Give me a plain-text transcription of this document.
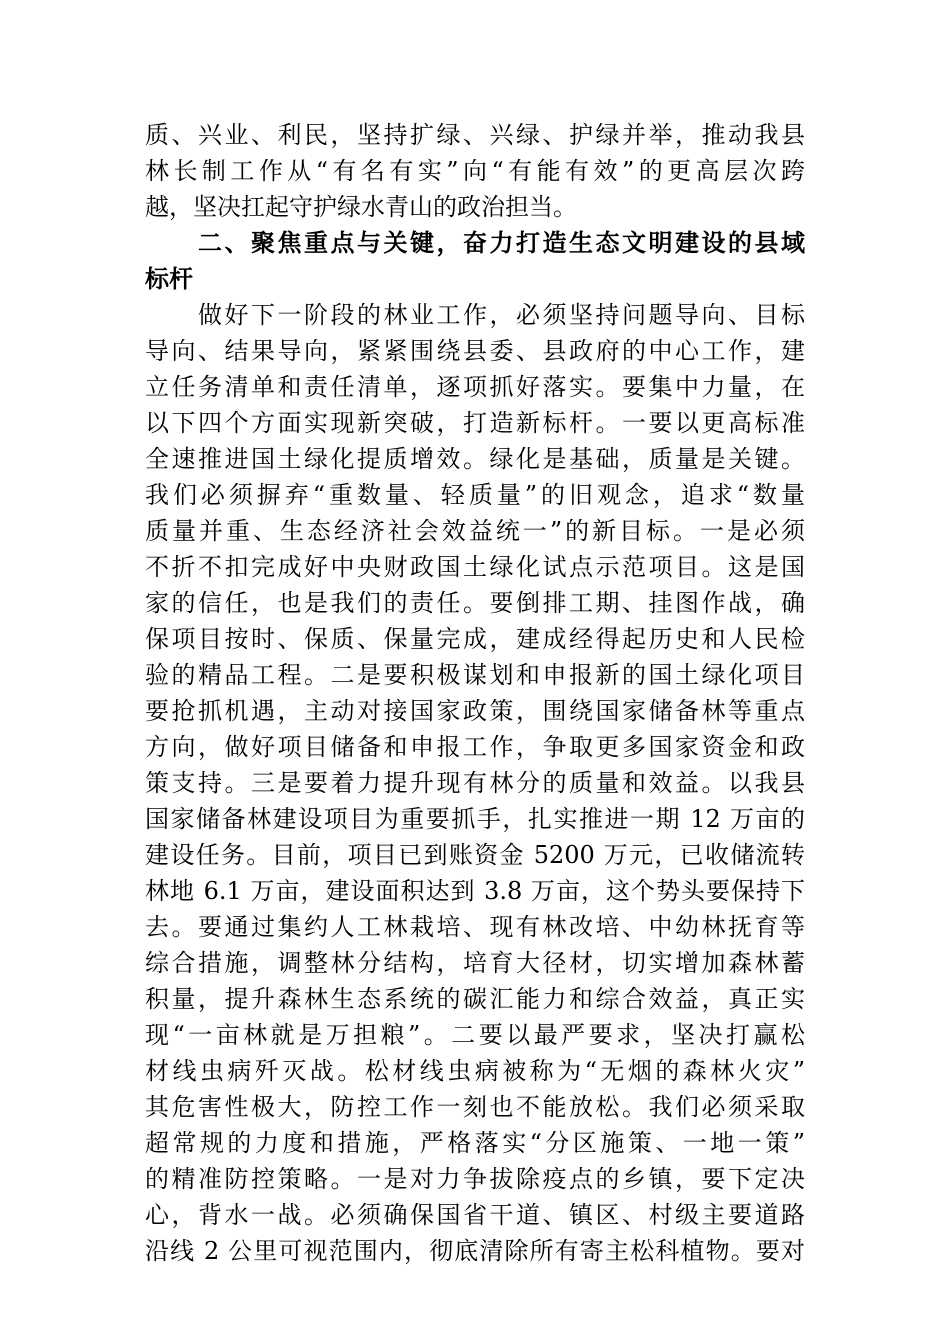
质、兴业、利民，坚持扩绿、兴绿、护绿并举，推动我县
林长制工作从“有名有实”向“有能有效”的更高层次跨
越，坚决扛起守护绿水青山的政治担当。
　　二、聚焦重点与关键，奋力打造生态文明建设的县域
标杆
　　做好下一阶段的林业工作，必须坚持问题导向、目标
导向、结果导向，紧紧围绕县委、县政府的中心工作，建
立任务清单和责任清单，逐项抓好落实。要集中力量，在
以下四个方面实现新突破，打造新标杆。一要以更高标准
全速推进国土绿化提质增效。绿化是基础，质量是关键。
我们必须摒弃“重数量、轻质量”的旧观念，追求“数量
质量并重、生态经济社会效益统一”的新目标。一是必须
不折不扣完成好中央财政国土绿化试点示范项目。这是国
家的信任，也是我们的责任。要倒排工期、挂图作战，确
保项目按时、保质、保量完成，建成经得起历史和人民检
验的精品工程。二是要积极谋划和申报新的国土绿化项目
要抢抓机遇，主动对接国家政策，围绕国家储备林等重点
方向，做好项目储备和申报工作，争取更多国家资金和政
策支持。三是要着力提升现有林分的质量和效益。以我县
国家储备林建设项目为重要抓手，扎实推进一期 12 万亩的
建设任务。目前，项目已到账资金 5200 万元，已收储流转
林地 6.1 万亩，建设面积达到 3.8 万亩，这个势头要保持下
去。要通过集约人工林栽培、现有林改培、中幼林抚育等
综合措施，调整林分结构，培育大径材，切实增加森林蓄
积量，提升森林生态系统的碳汇能力和综合效益，真正实
现“一亩林就是万担粮”。二要以最严要求，坚决打赢松
材线虫病歼灭战。松材线虫病被称为“无烟的森林火灾”
其危害性极大，防控工作一刻也不能放松。我们必须采取
超常规的力度和措施，严格落实“分区施策、一地一策”
的精准防控策略。一是对力争拔除疫点的乡镇，要下定决
心，背水一战。必须确保国省干道、镇区、村级主要道路
沿线 2 公里可视范围内，彻底清除所有寄主松科植物。要对
